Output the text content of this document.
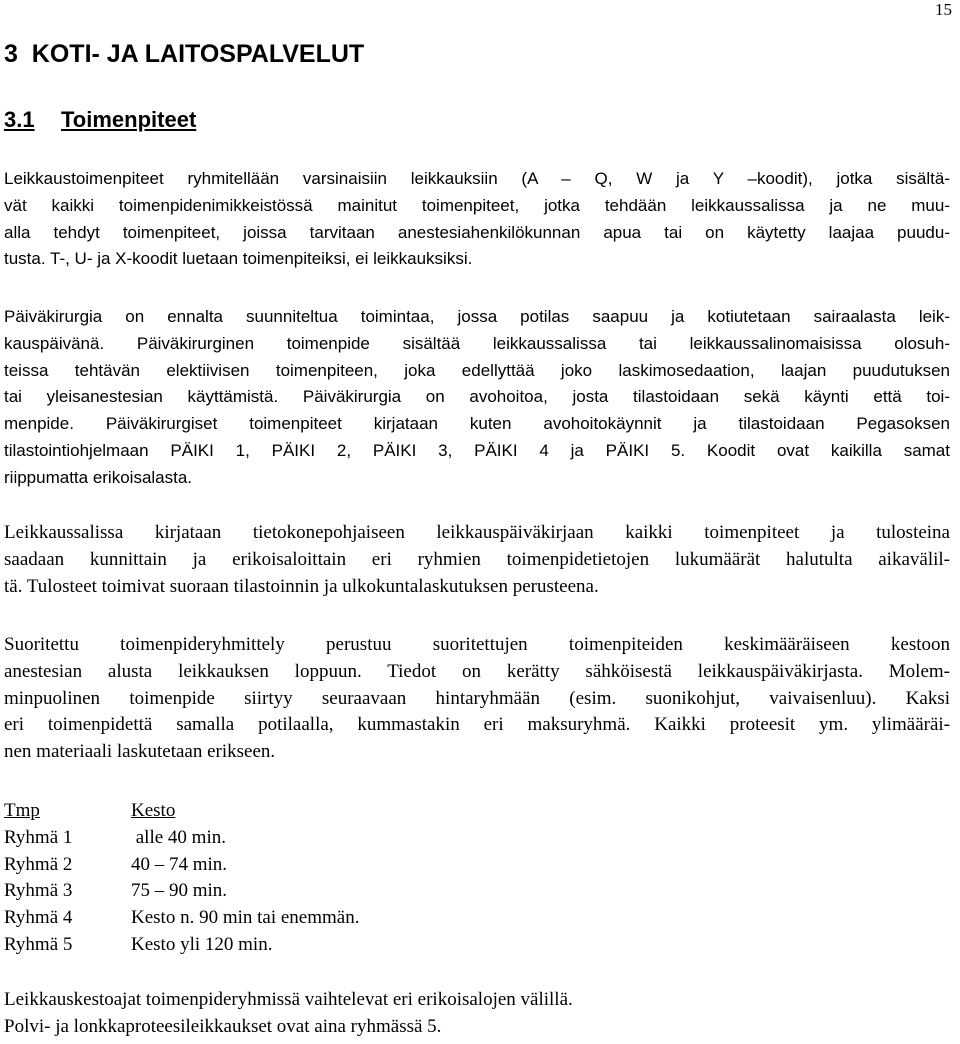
15
3  KOTI- JA LAITOSPALVELUT
3.1 Toimenpiteet
Leikkaustoimenpiteet ryhmitellään varsinaisiin leikkauksiin (A – Q, W ja Y –koodit), jotka sisältä-
vät kaikki toimenpidenimikkeistössä mainitut toimenpiteet, jotka tehdään leikkaussalissa ja ne muu-
alla tehdyt toimenpiteet, joissa tarvitaan anestesiahenkilökunnan apua tai on käytetty laajaa puudu-
tusta. T-, U- ja X-koodit luetaan toimenpiteiksi, ei leikkauksiksi.
Päiväkirurgia on ennalta suunniteltua toimintaa, jossa potilas saapuu ja kotiutetaan sairaalasta leik-
kauspäivänä. Päiväkirurginen toimenpide sisältää leikkaussalissa tai leikkaussalinomaisissa olosuh-
teissa tehtävän elektiivisen toimenpiteen, joka edellyttää joko laskimosedaation, laajan puudutuksen
tai yleisanestesian käyttämistä. Päiväkirurgia on avohoitoa, josta tilastoidaan sekä käynti että toi-
menpide. Päiväkirurgiset toimenpiteet kirjataan kuten avohoitokäynnit ja tilastoidaan Pegasoksen
tilastointiohjelmaan PÄIKI 1, PÄIKI 2, PÄIKI 3, PÄIKI 4 ja PÄIKI 5. Koodit ovat kaikilla samat
riippumatta erikoisalasta.
Leikkaussalissa kirjataan tietokonepohjaiseen leikkauspäiväkirjaan kaikki toimenpiteet ja tulosteina
saadaan kunnittain ja erikoisaloittain eri ryhmien toimenpidetietojen lukumäärät halutulta aikavälil-
tä. Tulosteet toimivat suoraan tilastoinnin ja ulkokuntalaskutuksen perusteena.
Suoritettu toimenpideryhmittely perustuu suoritettujen toimenpiteiden keskimääräiseen kestoon
anestesian alusta leikkauksen loppuun. Tiedot on kerätty sähköisestä leikkauspäiväkirjasta. Molem-
minpuolinen toimenpide siirtyy seuraavaan hintaryhmään (esim. suonikohjut, vaivaisenluu). Kaksi
eri toimenpidettä samalla potilaalla, kummastakin eri maksuryhmä. Kaikki proteesit ym. ylimääräi-
nen materiaali laskutetaan erikseen.
Tmp	Kesto
Ryhmä 1	alle 40 min.
Ryhmä 2	40 – 74 min.
Ryhmä 3	75 – 90 min.
Ryhmä 4	Kesto n. 90 min tai enemmän.
Ryhmä 5	Kesto yli 120 min.
Leikkauskestoajat toimenpideryhmissä vaihtelevat eri erikoisalojen välillä.
Polvi- ja lonkkaproteesileikkaukset ovat aina ryhmässä 5.
